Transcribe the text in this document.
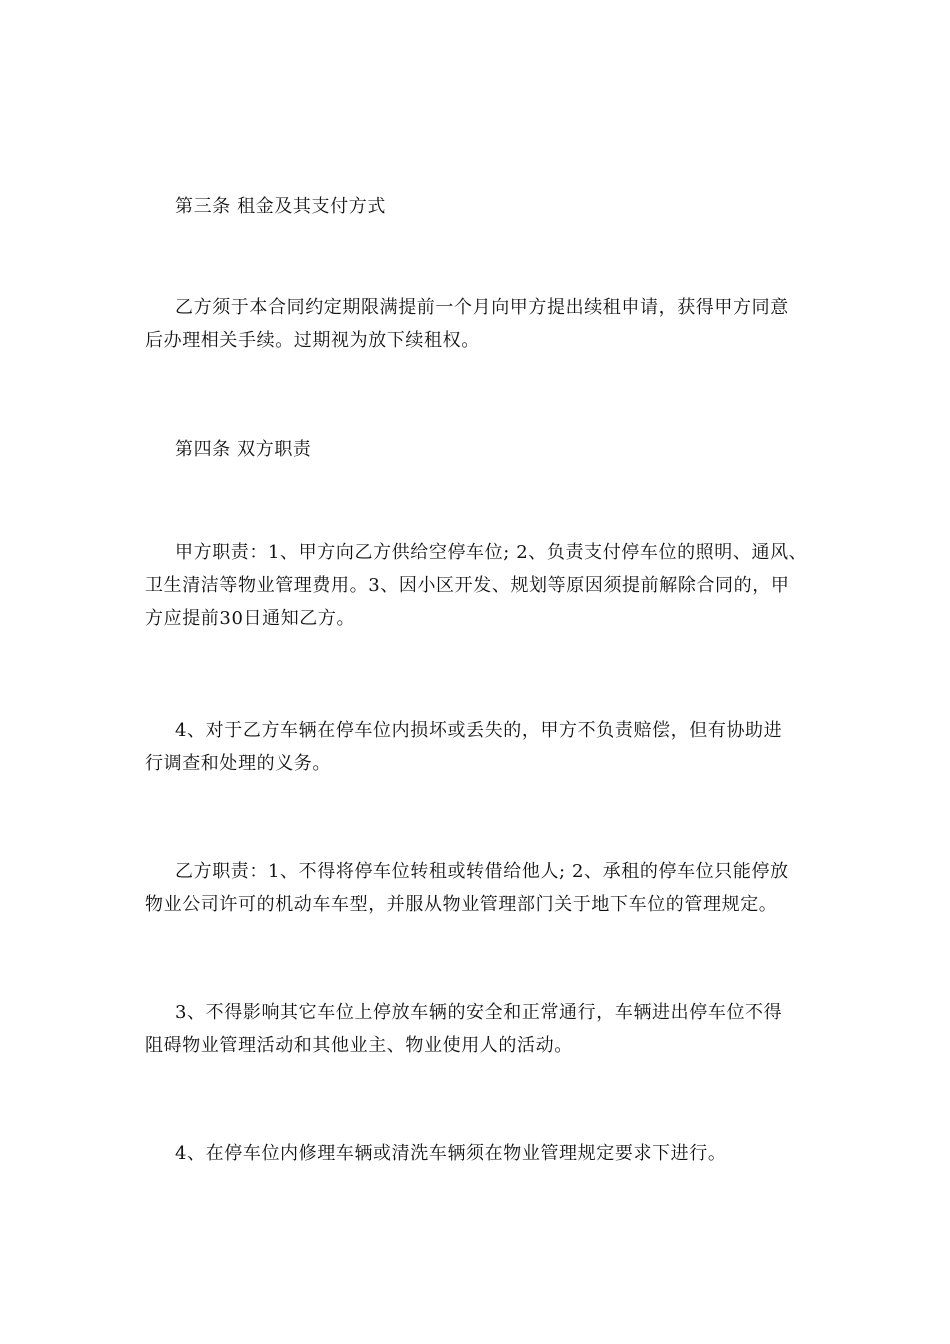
第三条 租金及其支付方式
乙方须于本合同约定期限满提前一个月向甲方提出续租申请，获得甲方同意
后办理相关手续。过期视为放下续租权。
第四条 双方职责
甲方职责：1、甲方向乙方供给空停车位; 2、负责支付停车位的照明、通风、
卫生清洁等物业管理费用。3、因小区开发、规划等原因须提前解除合同的，甲
方应提前30日通知乙方。
4、对于乙方车辆在停车位内损坏或丢失的，甲方不负责赔偿，但有协助进
行调查和处理的义务。
乙方职责：1、不得将停车位转租或转借给他人; 2、承租的停车位只能停放
物业公司许可的机动车车型，并服从物业管理部门关于地下车位的管理规定。
3、不得影响其它车位上停放车辆的安全和正常通行，车辆进出停车位不得
阻碍物业管理活动和其他业主、物业使用人的活动。
4、在停车位内修理车辆或清洗车辆须在物业管理规定要求下进行。
